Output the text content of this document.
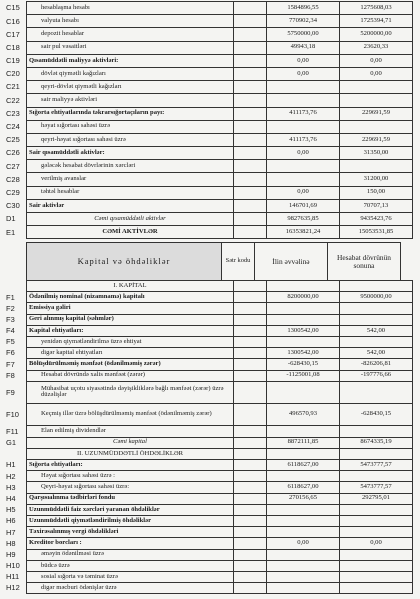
C15	hesablaşma hesabı		1584896,55	1275608,03
C16	valyuta hesabı		770902,34	1725394,71
C17	depozit hesablar		5750000,00	5200000,00
C18	sair pul vəsaitləri		49943,18	23620,33
C19	Qısamüddətli maliyyə aktivləri:		0,00	0,00
C20	dövlət qiymətli kağızları		0,00	0,00
C21	qeyri-dövlət qiymətli kağızları			
C22	sair maliyyə aktivləri			
C23	Sığorta ehtiyatlarında təkrarsığortaçıların payı:		411173,76	229691,59
C24	həyat sığortası sahəsi üzrə			
C25	qeyri-həyat sığortası sahəsi üzrə		411173,76	229691,59
C26	Sair qısamüddətli aktivlər:		0,00	31350,00
C27	gələcək hesabat dövrlərinin xərcləri			
C28	verilmiş avanslar			31200,00
C29	təhtəl hesablar		0,00	150,00
C30	Sair aktivlər		146701,69	70707,13
D1	Cəmi qısamüddətli aktivlər		9827635,85	9435423,76
E1	CƏMİ AKTİVLƏR		16353821,24	15053531,85
	Kapital və öhdəliklər	Sətr kodu	İlin əvvəlinə	Hesabat dövrünün sonuna
	I. KAPİTAL			
F1	Ödənilmiş nominal (nizamnamə) kapitalı		8200000,00	9500000,00
F2	Emissiya gəliri			
F3	Geri alınmış kapital (səhmlər)			
F4	Kapital ehtiyatları:		1300542,00	542,00
F5	yenidən qiymətləndirilmə üzrə ehtiyat			
F6	digər kapital ehtiyatları		1300542,00	542,00
F7	Bölüşdürülməmiş mənfəət (ödənilməmiş zərər)		-628430,15	-826206,81
F8	Hesabat dövründə xalis mənfəət (zərər)		-1125001,08	-197776,66
F9	Mühasibat uçotu siyasətində dəyişikliklərə bağlı mənfəət (zərər) üzrə düzəlişlər			
F10	Keçmiş illər üzrə bölüşdürülməmiş mənfəət (ödənilməmiş zərər)		496570,93	-628430,15
F11	Elan edilmiş dividendlər			
G1	Cəmi kapital		8872111,85	8674335,19
	II. UZUNMÜDDƏTLİ ÖHDƏLİKLƏR			
H1	Sığorta ehtiyatları:		6118627,00	5473777,57
H2	Həyat sığortası sahəsi üzrə :			
H3	Qeyri-həyat sığortası sahəsi üzrə:		6118627,00	5473777,57
H4	Qarşısıalınma tədbirləri fondu		270156,65	292795,01
H5	Uzunmüddətli faiz xərcləri yaranan öhdəliklər			
H6	Uzunmüddətli qiymətləndirilmiş öhdəliklər			
H7	Təxirəsalınmış vergi öhdəlikləri			
H8	Kreditor borcları :		0,00	0,00
H9	əməyin ödənilməsi üzrə			
H10	büdcə üzrə			
H11	sosial sığorta və təminat üzrə			
H12	digər məcburi ödənişlər üzrə			
